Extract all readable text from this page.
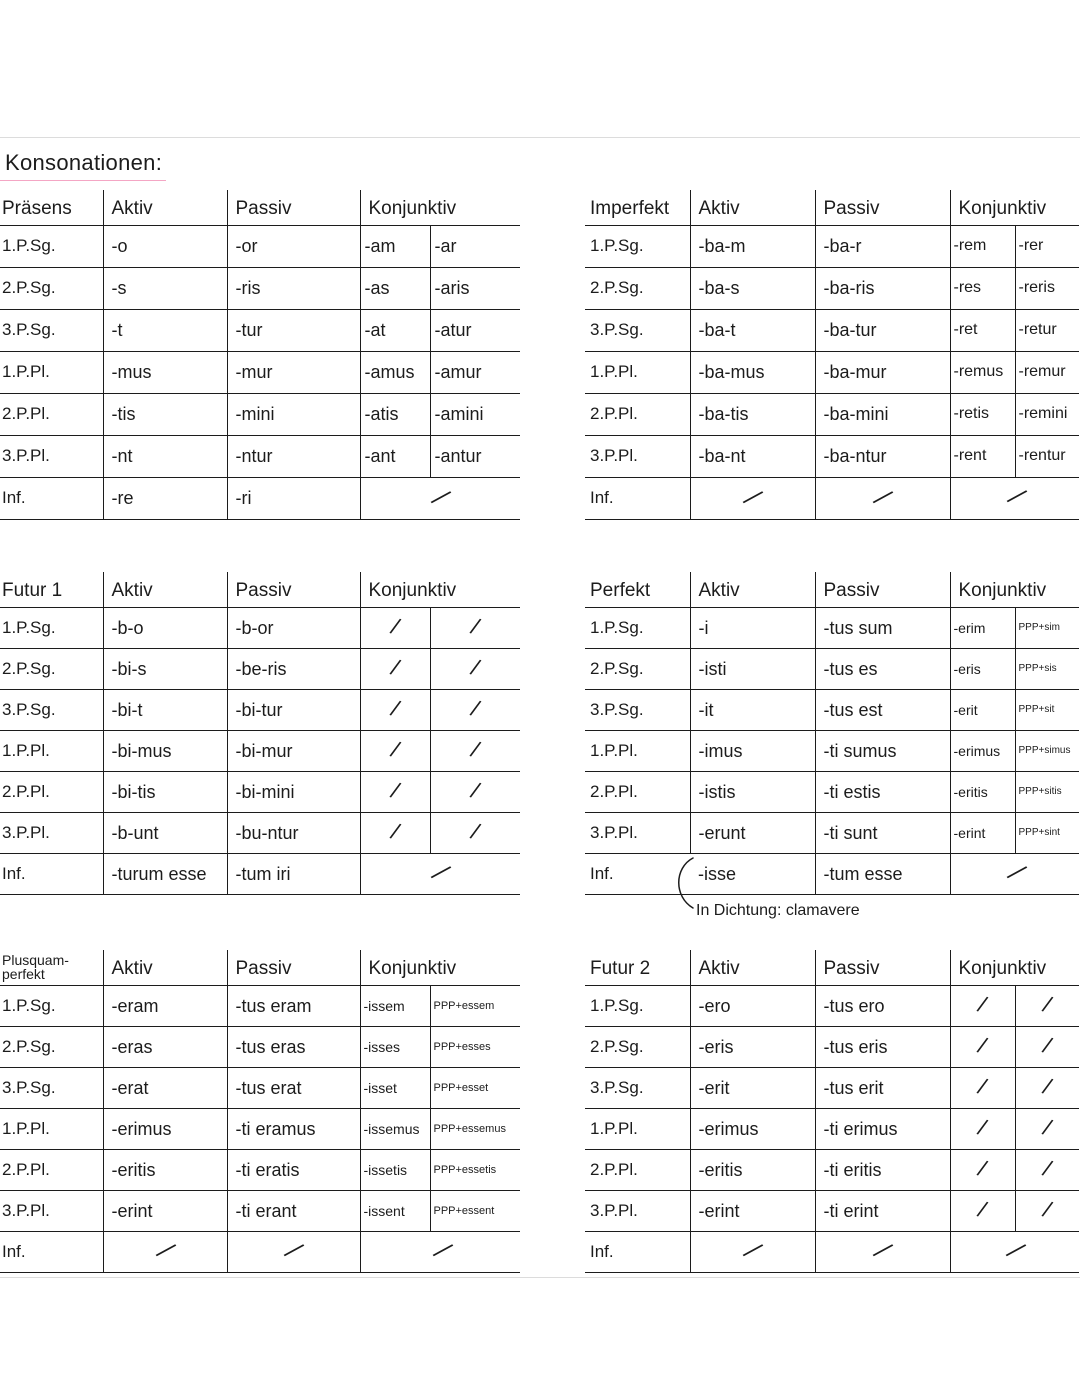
Konsonationen:
Präsens	Aktiv	Passiv	Konjunktiv	
1.P.Sg.	-o	-or	-am	-ar
2.P.Sg.	-s	-ris	-as	-aris
3.P.Sg.	-t	-tur	-at	-atur
1.P.Pl.	-mus	-mur	-amus	-amur
2.P.Pl.	-tis	-mini	-atis	-amini
3.P.Pl.	-nt	-ntur	-ant	-antur
Inf.	-re	-ri	/	
Imperfekt	Aktiv	Passiv	Konjunktiv	
1.P.Sg.	-ba-m	-ba-r	-rem	-rer
2.P.Sg.	-ba-s	-ba-ris	-res	-reris
3.P.Sg.	-ba-t	-ba-tur	-ret	-retur
1.P.Pl.	-ba-mus	-ba-mur	-remus	-remur
2.P.Pl.	-ba-tis	-ba-mini	-retis	-remini
3.P.Pl.	-ba-nt	-ba-ntur	-rent	-rentur
Inf.	/	/	/	
Futur 1	Aktiv	Passiv	Konjunktiv	
1.P.Sg.	-b-o	-b-or	/	/
2.P.Sg.	-bi-s	-be-ris	/	/
3.P.Sg.	-bi-t	-bi-tur	/	/
1.P.Pl.	-bi-mus	-bi-mur	/	/
2.P.Pl.	-bi-tis	-bi-mini	/	/
3.P.Pl.	-b-unt	-bu-ntur	/	/
Inf.	-turum esse	-tum iri	/	
Perfekt	Aktiv	Passiv	Konjunktiv	
1.P.Sg.	-i	-tus sum	-erim	PPP+sim
2.P.Sg.	-isti	-tus es	-eris	PPP+sis
3.P.Sg.	-it	-tus est	-erit	PPP+sit
1.P.Pl.	-imus	-ti sumus	-erimus	PPP+simus
2.P.Pl.	-istis	-ti estis	-eritis	PPP+sitis
3.P.Pl.	-erunt	-ti sunt	-erint	PPP+sint
Inf.	-isse	-tum esse	/	
Plusquam-
perfekt	Aktiv	Passiv	Konjunktiv	
1.P.Sg.	-eram	-tus eram	-issem	PPP+essem
2.P.Sg.	-eras	-tus eras	-isses	PPP+esses
3.P.Sg.	-erat	-tus erat	-isset	PPP+esset
1.P.Pl.	-erimus	-ti eramus	-issemus	PPP+essemus
2.P.Pl.	-eritis	-ti eratis	-issetis	PPP+essetis
3.P.Pl.	-erint	-ti erant	-issent	PPP+essent
Inf.	/	/	/	
Futur 2	Aktiv	Passiv	Konjunktiv	
1.P.Sg.	-ero	-tus ero	/	/
2.P.Sg.	-eris	-tus eris	/	/
3.P.Sg.	-erit	-tus erit	/	/
1.P.Pl.	-erimus	-ti erimus	/	/
2.P.Pl.	-eritis	-ti eritis	/	/
3.P.Pl.	-erint	-ti erint	/	/
Inf.	/	/	/	
In Dichtung: clamavere
